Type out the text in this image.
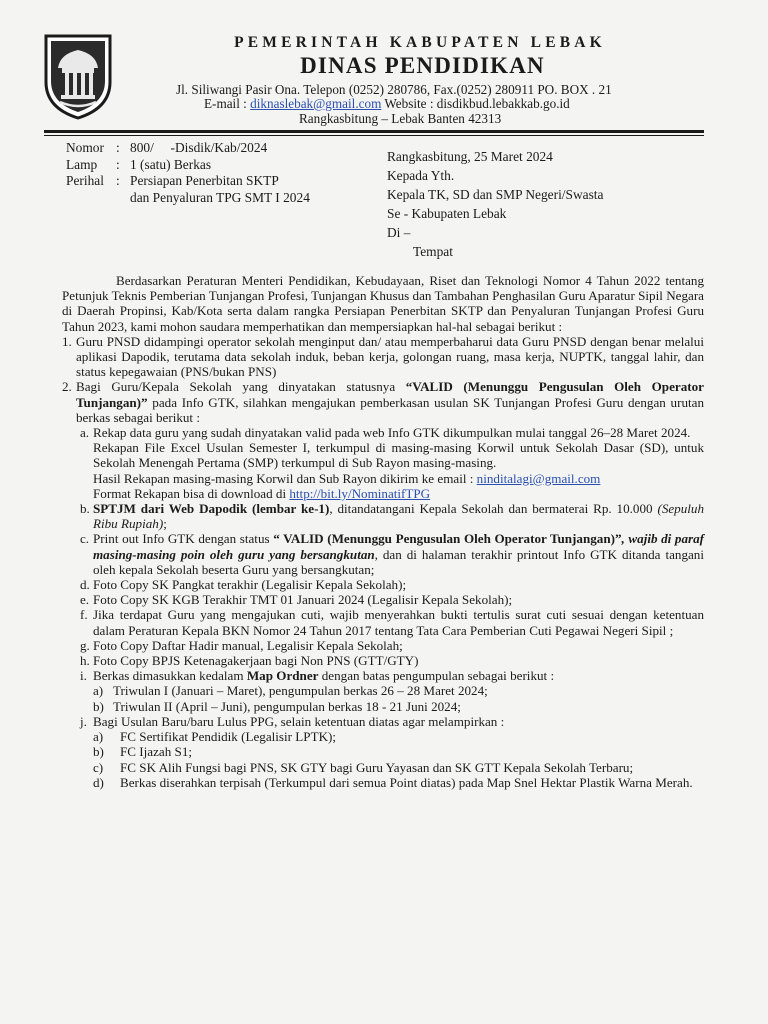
PEMERINTAH KABUPATEN LEBAK
DINAS PENDIDIKAN
Jl. Siliwangi Pasir Ona. Telepon (0252) 280786, Fax.(0252) 280911 PO. BOX . 21
E-mail : diknaslebak@gmail.com Website : disdikbud.lebakkab.go.id
Rangkasbitung – Lebak Banten 42313
Nomor : 800/     -Disdik/Kab/2024
Lamp	: 1 (satu) Berkas
Perihal : Persiapan Penerbitan SKTP
dan Penyaluran TPG SMT I 2024
Rangkasbitung, 25 Maret 2024
Kepada Yth.
Kepala TK, SD dan SMP Negeri/Swasta
Se - Kabupaten Lebak
Di –
Tempat

Berdasarkan Peraturan Menteri Pendidikan, Kebudayaan, Riset dan Teknologi Nomor 4 Tahun 2022 tentang Petunjuk Teknis Pemberian Tunjangan Profesi, Tunjangan Khusus dan Tambahan Penghasilan Guru Aparatur Sipil Negara di Daerah Propinsi, Kab/Kota serta dalam rangka Persiapan Penerbitan SKTP dan Penyaluran Tunjangan Profesi Guru Tahun 2023, kami mohon saudara memperhatikan dan mempersiapkan hal-hal sebagai berikut :

1. Guru PNSD didampingi operator sekolah menginput dan/ atau memperbaharui data Guru PNSD dengan benar melalui aplikasi Dapodik, terutama data sekolah induk, beban kerja, golongan ruang, masa kerja, NUPTK, tanggal lahir, dan status kepegawaian (PNS/bukan PNS)
2. Bagi Guru/Kepala Sekolah yang dinyatakan statusnya “VALID (Menunggu Pengusulan Oleh Operator Tunjangan)” pada Info GTK, silahkan mengajukan pemberkasan usulan SK Tunjangan Profesi Guru dengan urutan berkas sebagai berikut :
a. Rekap data guru yang sudah dinyatakan valid pada web Info GTK dikumpulkan mulai tanggal 26–28 Maret 2024.
Rekapan File Excel Usulan Semester I, terkumpul di masing-masing Korwil untuk Sekolah Dasar (SD), untuk Sekolah Menengah Pertama (SMP) terkumpul di Sub Rayon masing-masing.
Hasil Rekapan masing-masing Korwil dan Sub Rayon dikirim ke email : ninditalagi@gmail.com
Format Rekapan bisa di download di http://bit.ly/NominatifTPG
b. SPTJM dari Web Dapodik (lembar ke-1), ditandatangani Kepala Sekolah dan bermaterai Rp. 10.000 (Sepuluh Ribu Rupiah);
c. Print out Info GTK dengan status “ VALID (Menunggu Pengusulan Oleh Operator Tunjangan)”, wajib di paraf masing-masing poin oleh guru yang bersangkutan, dan di halaman terakhir printout Info GTK ditanda tangani oleh kepala Sekolah beserta Guru yang bersangkutan;
d. Foto Copy SK Pangkat terakhir (Legalisir Kepala Sekolah);
e. Foto Copy SK KGB Terakhir TMT 01 Januari 2024 (Legalisir Kepala Sekolah);
f. Jika terdapat Guru yang mengajukan cuti, wajib menyerahkan bukti tertulis surat cuti sesuai dengan ketentuan dalam Peraturan Kepala BKN Nomor 24 Tahun 2017 tentang Tata Cara Pemberian Cuti Pegawai Negeri Sipil ;
g. Foto Copy Daftar Hadir manual, Legalisir Kepala Sekolah;
h. Foto Copy BPJS Ketenagakerjaan bagi Non PNS (GTT/GTY)
i. Berkas dimasukkan kedalam Map Ordner dengan batas pengumpulan sebagai berikut :
a) Triwulan I (Januari – Maret), pengumpulan berkas 26 – 28 Maret 2024;
b) Triwulan II (April – Juni), pengumpulan berkas 18 - 21 Juni 2024;
j. Bagi Usulan Baru/baru Lulus PPG, selain ketentuan diatas agar melampirkan :
a) FC Sertifikat Pendidik (Legalisir LPTK);
b) FC Ijazah S1;
c) FC SK Alih Fungsi bagi PNS, SK GTY bagi Guru Yayasan dan SK GTT Kepala Sekolah Terbaru;
d) Berkas diserahkan terpisah (Terkumpul dari semua Point diatas) pada Map Snel Hektar Plastik Warna Merah.
